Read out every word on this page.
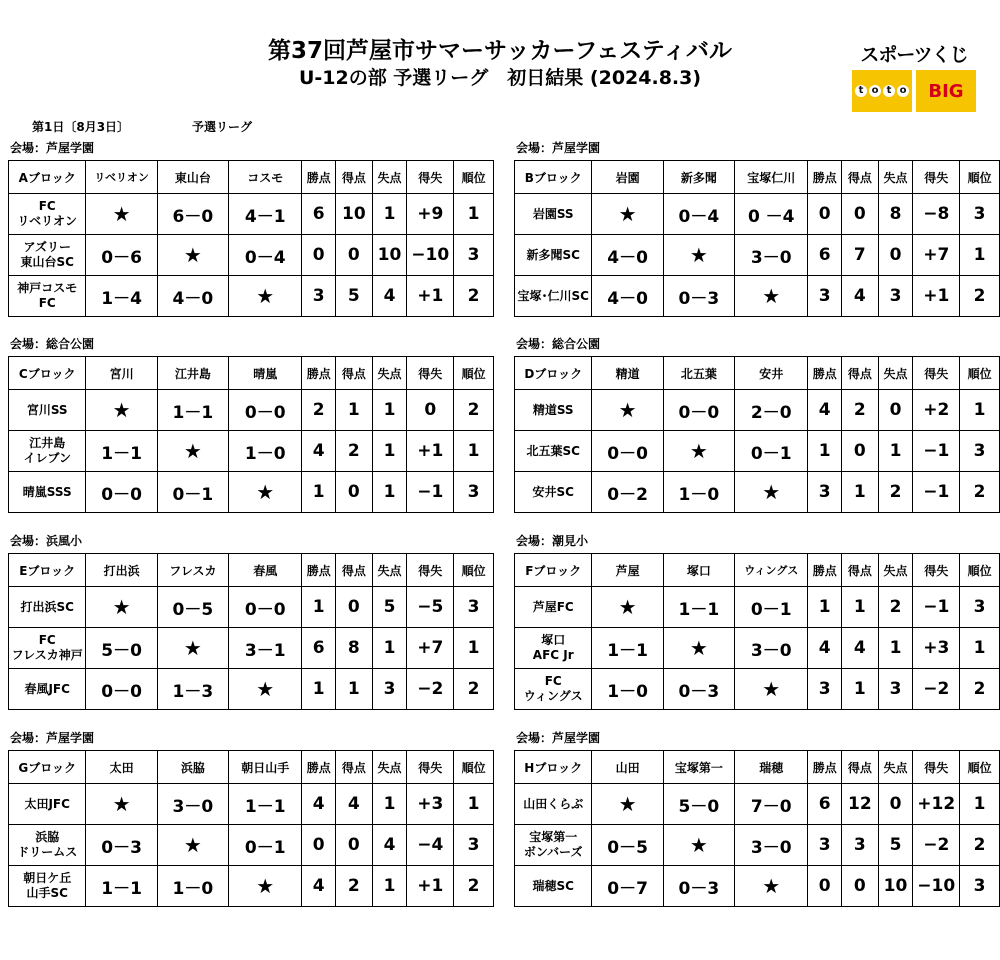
第37回芦屋市サマーサッカーフェスティバル
U-12の部 予選リーグ　初日結果 (2024.8.3)
スポーツくじ
t o t o	BIG
第1日〔8月3日〕	予選リーグ
会場：芦屋学園
Aブロック	リベリオン	東山台	コスモ	勝点	得点	失点	得失	順位
FC
リベリオン	★	6－0	4－1	6	10	1	+9	1
アズリー
東山台SC	0－6	★	0－4	0	0	10	−10	3
神戸コスモFC	1－4	4－0	★	3	5	4	+1	2
会場：芦屋学園
Bブロック	岩園	新多聞	宝塚仁川	勝点	得点	失点	得失	順位
岩園SS	★	0－4	0 －4	0	0	8	−8	3
新多聞SC	4－0	★	3－0	6	7	0	+7	1
宝塚･仁川SC	4－0	0－3	★	3	4	3	+1	2
会場：総合公園
Cブロック	宮川	江井島	晴嵐	勝点	得点	失点	得失	順位
宮川SS	★	1－1	0－0	2	1	1	0	2
江井島
イレブン	1－1	★	1－0	4	2	1	+1	1
晴嵐SSS	0－0	0－1	★	1	0	1	−1	3
会場：総合公園
Dブロック	精道	北五葉	安井	勝点	得点	失点	得失	順位
精道SS	★	0－0	2－0	4	2	0	+2	1
北五葉SC	0－0	★	0－1	1	0	1	−1	3
安井SC	0－2	1－0	★	3	1	2	−1	2
会場：浜風小
Eブロック	打出浜	フレスカ	春風	勝点	得点	失点	得失	順位
打出浜SC	★	0－5	0－0	1	0	5	−5	3
FC
フレスカ神戸	5－0	★	3－1	6	8	1	+7	1
春風JFC	0－0	1－3	★	1	1	3	−2	2
会場：潮見小
Fブロック	芦屋	塚口	ウィングス	勝点	得点	失点	得失	順位
芦屋FC	★	1－1	0－1	1	1	2	−1	3
塚口
AFC Jr	1－1	★	3－0	4	4	1	+3	1
FC
ウィングス	1－0	0－3	★	3	1	3	−2	2
会場：芦屋学園
Gブロック	太田	浜脇	朝日山手	勝点	得点	失点	得失	順位
太田JFC	★	3－0	1－1	4	4	1	+3	1
浜脇
ドリームス	0－3	★	0－1	0	0	4	−4	3
朝日ケ丘
山手SC	1－1	1－0	★	4	2	1	+1	2
会場：芦屋学園
Hブロック	山田	宝塚第一	瑞穂	勝点	得点	失点	得失	順位
山田くらぶ	★	5－0	7－0	6	12	0	+12	1
宝塚第一
ボンバーズ	0－5	★	3－0	3	3	5	−2	2
瑞穂SC	0－7	0－3	★	0	0	10	−10	3
